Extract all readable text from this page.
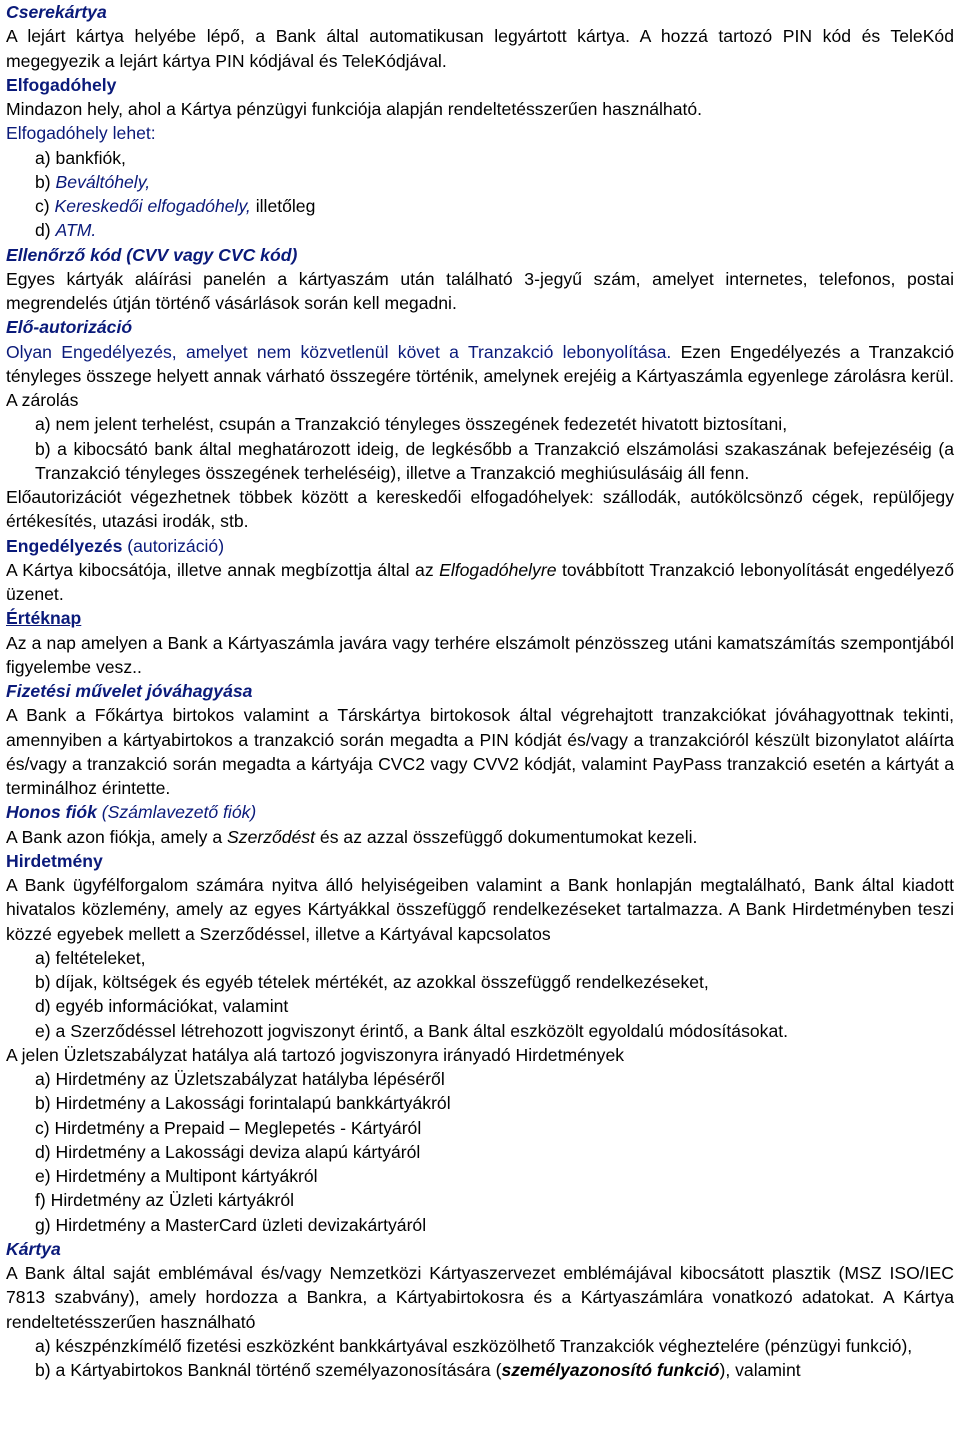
Cserekártya
A lejárt kártya helyébe lépő, a Bank által automatikusan legyártott kártya. A hozzá tartozó PIN kód és TeleKód megegyezik a lejárt kártya PIN kódjával és TeleKódjával.
Elfogadóhely
Mindazon hely, ahol a Kártya pénzügyi funkciója alapján rendeltetésszerűen használható.
Elfogadóhely lehet:
a) bankfiók,
b) Beváltóhely,
c) Kereskedői elfogadóhely, illetőleg
d) ATM.
Ellenőrző kód (CVV vagy CVC kód)
Egyes kártyák aláírási panelén a kártyaszám után található 3-jegyű szám, amelyet internetes, telefonos, postai megrendelés útján történő vásárlások során kell megadni.
Elő-autorizáció
Olyan Engedélyezés, amelyet nem közvetlenül követ a Tranzakció lebonyolítása. Ezen Engedélyezés a Tranzakció tényleges összege helyett annak várható összegére történik, amelynek erejéig a Kártyaszámla egyenlege zárolásra kerül. A zárolás
a) nem jelent terhelést, csupán a Tranzakció tényleges összegének fedezetét hivatott biztosítani,
b) a kibocsátó bank által meghatározott ideig, de legkésőbb a Tranzakció elszámolási szakaszának befejezéséig (a Tranzakció tényleges összegének terheléséig), illetve a Tranzakció meghiúsulásáig áll fenn.
Előautorizációt végezhetnek többek között a kereskedői elfogadóhelyek: szállodák, autókölcsönző cégek, repülőjegy értékesítés, utazási irodák, stb.
Engedélyezés (autorizáció)
A Kártya kibocsátója, illetve annak megbízottja által az Elfogadóhelyre továbbított Tranzakció lebonyolítását engedélyező üzenet.
Értéknap
Az a nap amelyen a Bank a Kártyaszámla javára vagy terhére elszámolt pénzösszeg utáni kamatszámítás szempontjából figyelembe vesz..
Fizetési művelet jóváhagyása
A Bank a Főkártya birtokos valamint a Társkártya birtokosok által végrehajtott tranzakciókat jóváhagyottnak tekinti, amennyiben a kártyabirtokos a tranzakció során megadta a PIN kódját és/vagy a tranzakcióról készült bizonylatot aláírta és/vagy a tranzakció során megadta a kártyája CVC2 vagy CVV2 kódját, valamint PayPass tranzakció esetén a kártyát a terminálhoz érintette.
Honos fiók (Számlavezető fiók)
A Bank azon fiókja, amely a Szerződést és az azzal összefüggő dokumentumokat kezeli.
Hirdetmény
A Bank ügyfélforgalom számára nyitva álló helyiségeiben valamint a Bank honlapján megtalálható, Bank által kiadott hivatalos közlemény, amely az egyes Kártyákkal összefüggő rendelkezéseket tartalmazza. A Bank Hirdetményben teszi közzé egyebek mellett a Szerződéssel, illetve a Kártyával kapcsolatos
a) feltételeket,
b) díjak, költségek és egyéb tételek mértékét, az azokkal összefüggő rendelkezéseket,
d) egyéb információkat, valamint
e) a Szerződéssel létrehozott jogviszonyt érintő, a Bank által eszközölt egyoldalú módosításokat.
A jelen Üzletszabályzat hatálya alá tartozó jogviszonyra irányadó Hirdetmények
a) Hirdetmény az Üzletszabályzat hatályba lépéséről
b) Hirdetmény a Lakossági forintalapú bankkártyákról
c) Hirdetmény a Prepaid – Meglepetés - Kártyáról
d) Hirdetmény a Lakossági deviza alapú kártyáról
e) Hirdetmény a Multipont kártyákról
f) Hirdetmény az Üzleti kártyákról
g) Hirdetmény a MasterCard üzleti devizakártyáról
Kártya
A Bank által saját emblémával és/vagy Nemzetközi Kártyaszervezet emblémájával kibocsátott plasztik (MSZ ISO/IEC 7813 szabvány), amely hordozza a Bankra, a Kártyabirtokosra és a Kártyaszámlára vonatkozó adatokat. A Kártya rendeltetésszerűen használható
a) készpénzkímélő fizetési eszközként bankkártyával eszközölhető Tranzakciók végheztelére (pénzügyi funkció),
b) a Kártyabirtokos Banknál történő személyazonosítására (személyazonosító funkció), valamint
